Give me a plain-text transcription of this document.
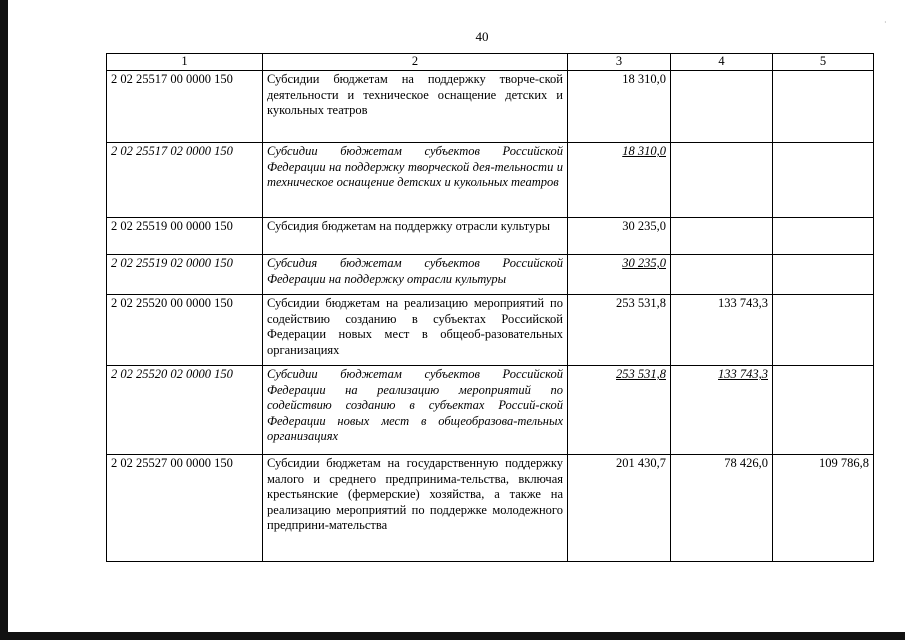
·
40
1	2	3	4	5
2 02 25517 00 0000 150	Субсидии бюджетам на поддержку творче-ской деятельности и техническое оснащение детских и кукольных театров	18 310,0		
2 02 25517 02 0000 150	Субсидии бюджетам субъектов Российской Федерации на поддержку творческой дея-тельности и техническое оснащение детских и кукольных театров	18 310,0		
2 02 25519 00 0000 150	Субсидия бюджетам на поддержку отрасли культуры	30 235,0		
2 02 25519 02 0000 150	Субсидия бюджетам субъектов Российской Федерации на поддержку отрасли культуры	30 235,0		
2 02 25520 00 0000 150	Субсидии бюджетам на реализацию мероприятий по содействию созданию в субъектах Российской Федерации новых мест в общеоб-разовательных организациях	253 531,8	133 743,3	
2 02 25520 02 0000 150	Субсидии бюджетам субъектов Российской Федерации на реализацию мероприятий по содействию созданию в субъектах Россий-ской Федерации новых мест в общеобразова-тельных организациях	253 531,8	133 743,3	
2 02 25527 00 0000 150	Субсидии бюджетам на государственную поддержку малого и среднего предпринима-тельства, включая крестьянские (фермерские) хозяйства, а также на реализацию мероприятий по поддержке молодежного предприни-мательства	201 430,7	78 426,0	109 786,8
